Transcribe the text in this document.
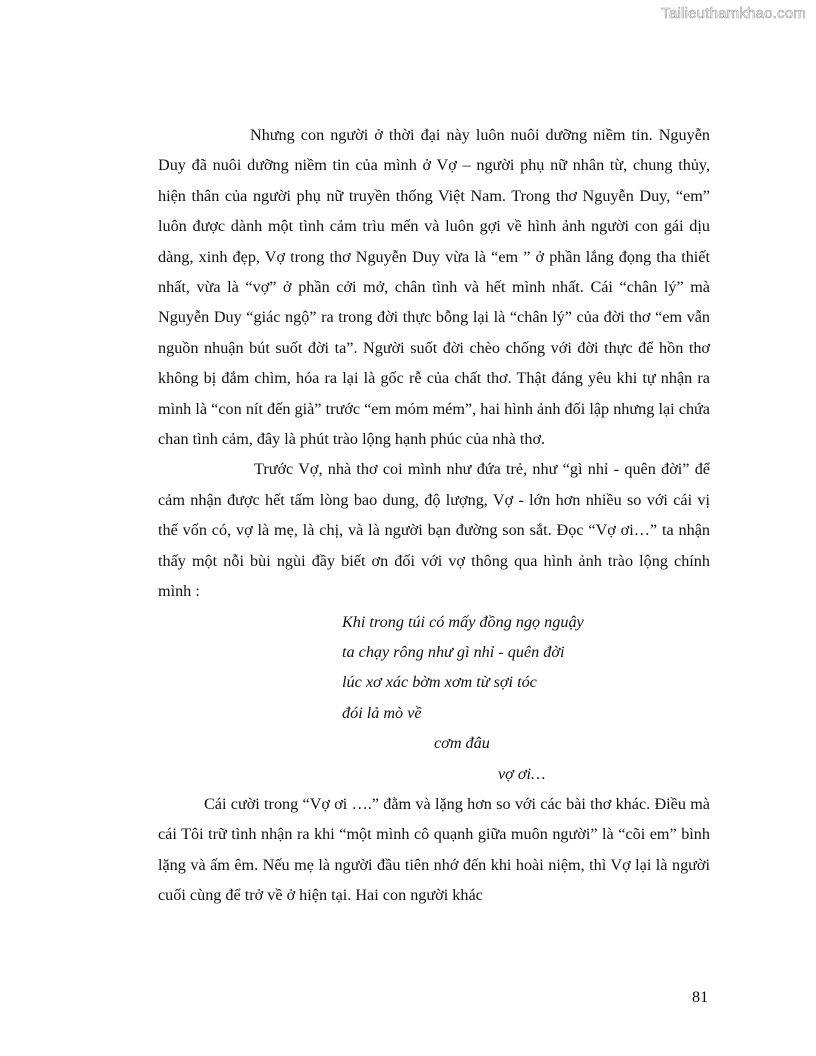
Tailieuthamkhao.com

Nhưng con người ở thời đại này luôn nuôi dưỡng niềm tin. Nguyễn Duy đã nuôi dưỡng niềm tin của mình ở Vợ – người phụ nữ nhân từ, chung thủy, hiện thân của người phụ nữ truyền thống Việt Nam. Trong thơ Nguyễn Duy, “em” luôn được dành một tình cảm trìu mến và luôn gợi về hình ảnh người con gái dịu dàng, xinh đẹp, Vợ trong thơ Nguyễn Duy vừa là “em ” ở phần lắng đọng tha thiết nhất, vừa là “vợ” ở phần cởi mở, chân tình và hết mình nhất. Cái “chân lý” mà Nguyễn Duy “giác ngộ” ra trong đời thực bỗng lại là “chân lý” của đời thơ “em vẫn nguồn nhuận bút suốt đời ta”. Người suốt đời chèo chống với đời thực để hồn thơ không bị đắm chìm, hóa ra lại là gốc rễ của chất thơ. Thật đáng yêu khi tự nhận ra mình là “con nít đến già” trước “em móm mém”, hai hình ảnh đối lập nhưng lại chứa chan tình cảm, đây là phút trào lộng hạnh phúc của nhà thơ.

Trước Vợ, nhà thơ coi mình như đứa trẻ, như “gì nhỉ - quên đời” để cảm nhận được hết tấm lòng bao dung, độ lượng, Vợ - lớn hơn nhiều so với cái vị thế vốn có, vợ là mẹ, là chị, và là người bạn đường son sắt. Đọc “Vợ ơi…” ta nhận thấy một nỗi bùi ngùi đầy biết ơn đối với vợ thông qua hình ảnh trào lộng chính mình :

Khi trong túi có mấy đồng ngọ nguậy
ta chạy rông như gì nhỉ - quên đời
lúc xơ xác bờm xơm từ sợi tóc
đói lả mò về
cơm đâu
vợ ơi…

Cái cười trong “Vợ ơi ….” đằm và lặng hơn so với các bài thơ khác. Điều mà cái Tôi trữ tình nhận ra khi “một mình cô quạnh giữa muôn người” là “cõi em” bình lặng và ấm êm. Nếu mẹ là người đầu tiên nhớ đến khi hoài niệm, thì Vợ lại là người cuối cùng để trở về ở hiện tại. Hai con người khác

81
